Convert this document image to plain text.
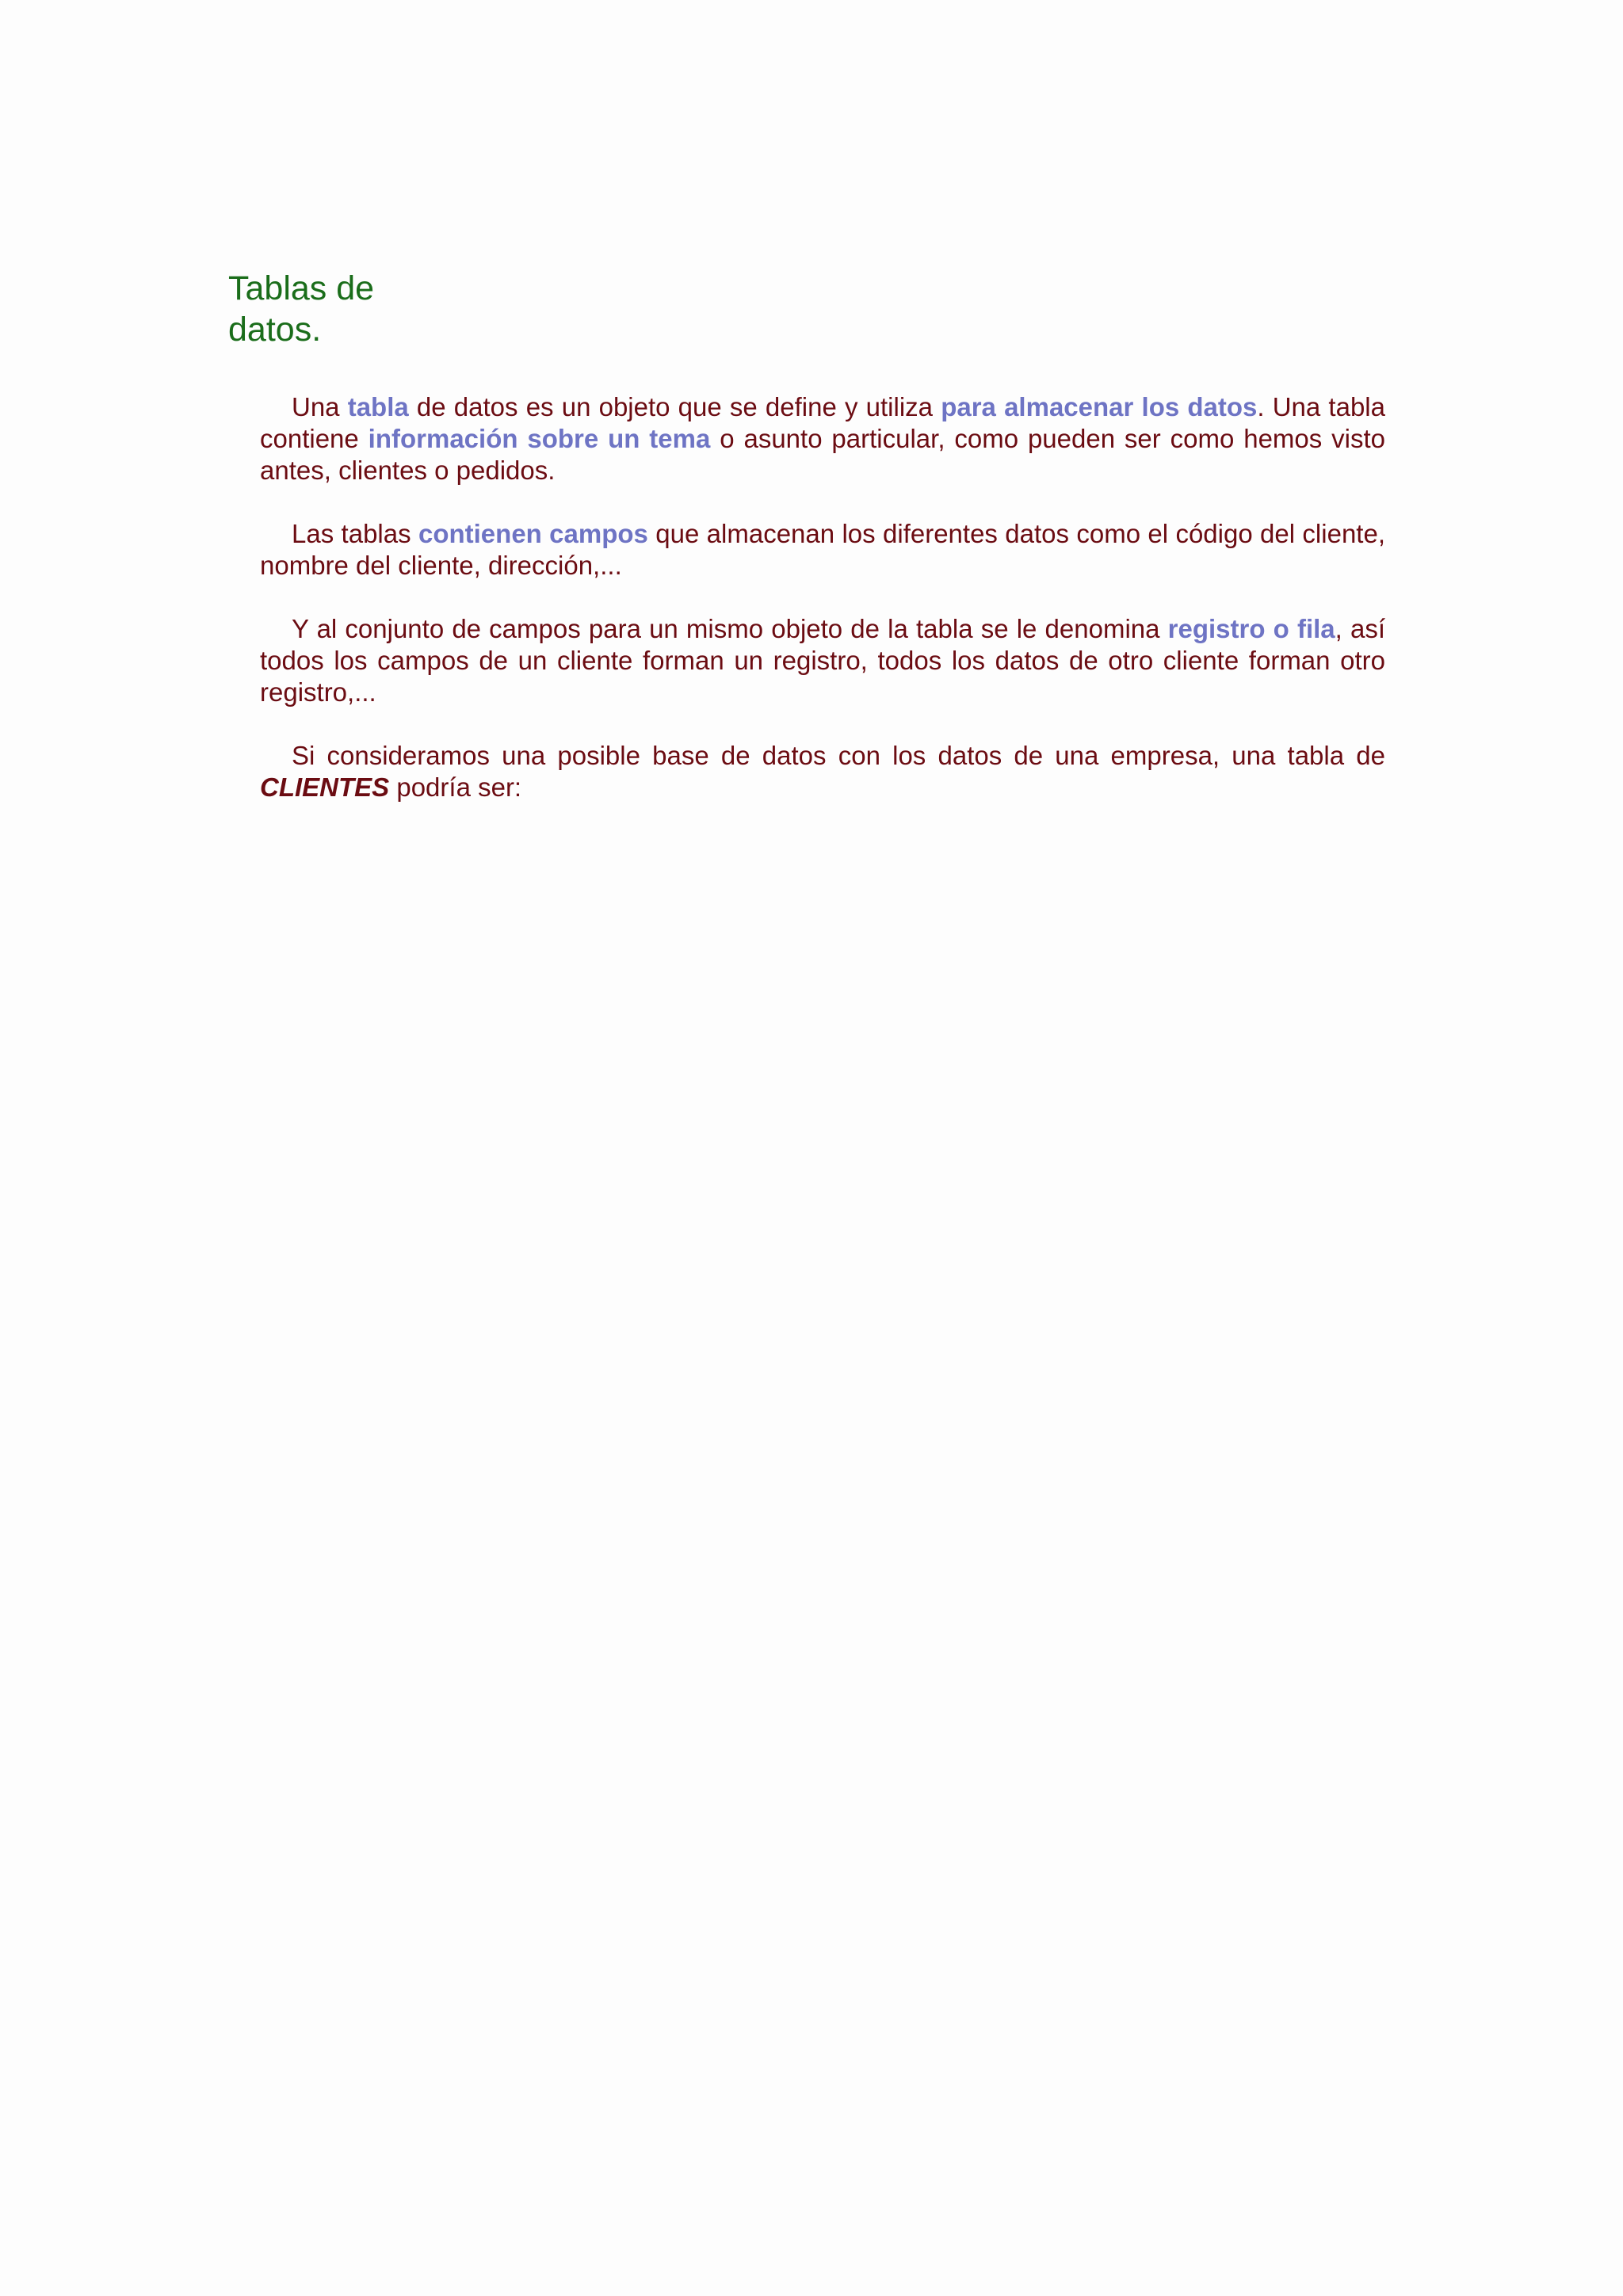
Tablas de
datos.

Una tabla de datos es un objeto que se define y utiliza para almacenar los datos. Una tabla contiene información sobre un tema o asunto particular, como pueden ser como hemos visto antes, clientes o pedidos.

Las tablas contienen campos que almacenan los diferentes datos como el código del cliente, nombre del cliente, dirección,...

Y al conjunto de campos para un mismo objeto de la tabla se le denomina registro o fila, así todos los campos de un cliente forman un registro, todos los datos de otro cliente forman otro registro,...

Si consideramos una posible base de datos con los datos de una empresa, una tabla de CLIENTES podría ser:
